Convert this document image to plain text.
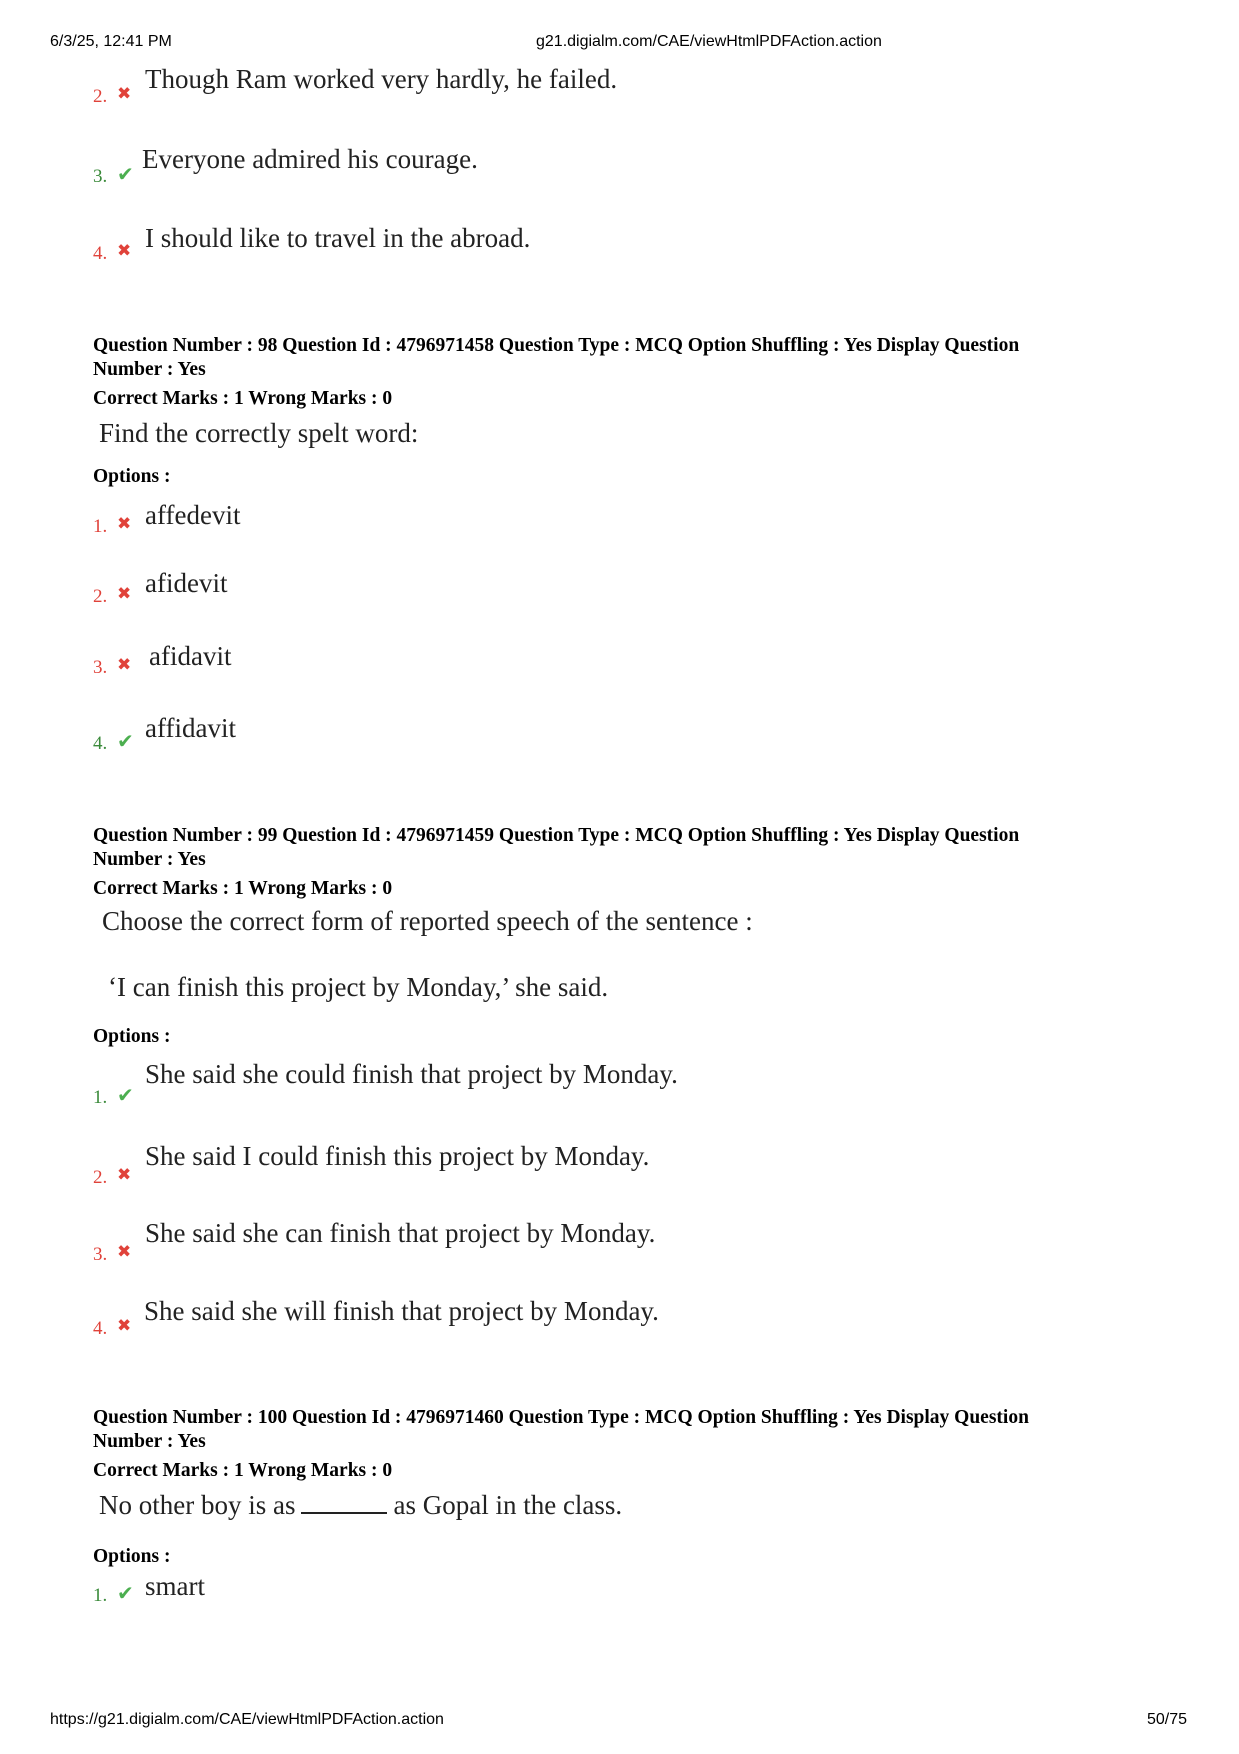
6/3/25, 12:41 PM	g21.digialm.com/CAE/viewHtmlPDFAction.action
2. ✖ Though Ram worked very hardly, he failed.
3. ✔ Everyone admired his courage.
4. ✖ I should like to travel in the abroad.
Question Number : 98 Question Id : 4796971458 Question Type : MCQ Option Shuffling : Yes Display Question
Number : Yes
Correct Marks : 1 Wrong Marks : 0
Find the correctly spelt word:
Options :
1. ✖ affedevit
2. ✖ afidevit
3. ✖ afidavit
4. ✔ affidavit
Question Number : 99 Question Id : 4796971459 Question Type : MCQ Option Shuffling : Yes Display Question
Number : Yes
Correct Marks : 1 Wrong Marks : 0
Choose the correct form of reported speech of the sentence :
‘I can finish this project by Monday,’ she said.
Options :
1. ✔
She said she could finish that project by Monday.
2. ✖
She said I could finish this project by Monday.
3. ✖
She said she can finish that project by Monday.
4. ✖ She said she will finish that project by Monday.
Question Number : 100 Question Id : 4796971460 Question Type : MCQ Option Shuffling : Yes Display Question
Number : Yes
Correct Marks : 1 Wrong Marks : 0
No other boy is as	as Gopal in the class.
Options :
1. ✔ smart
https://g21.digialm.com/CAE/viewHtmlPDFAction.action	50/75
